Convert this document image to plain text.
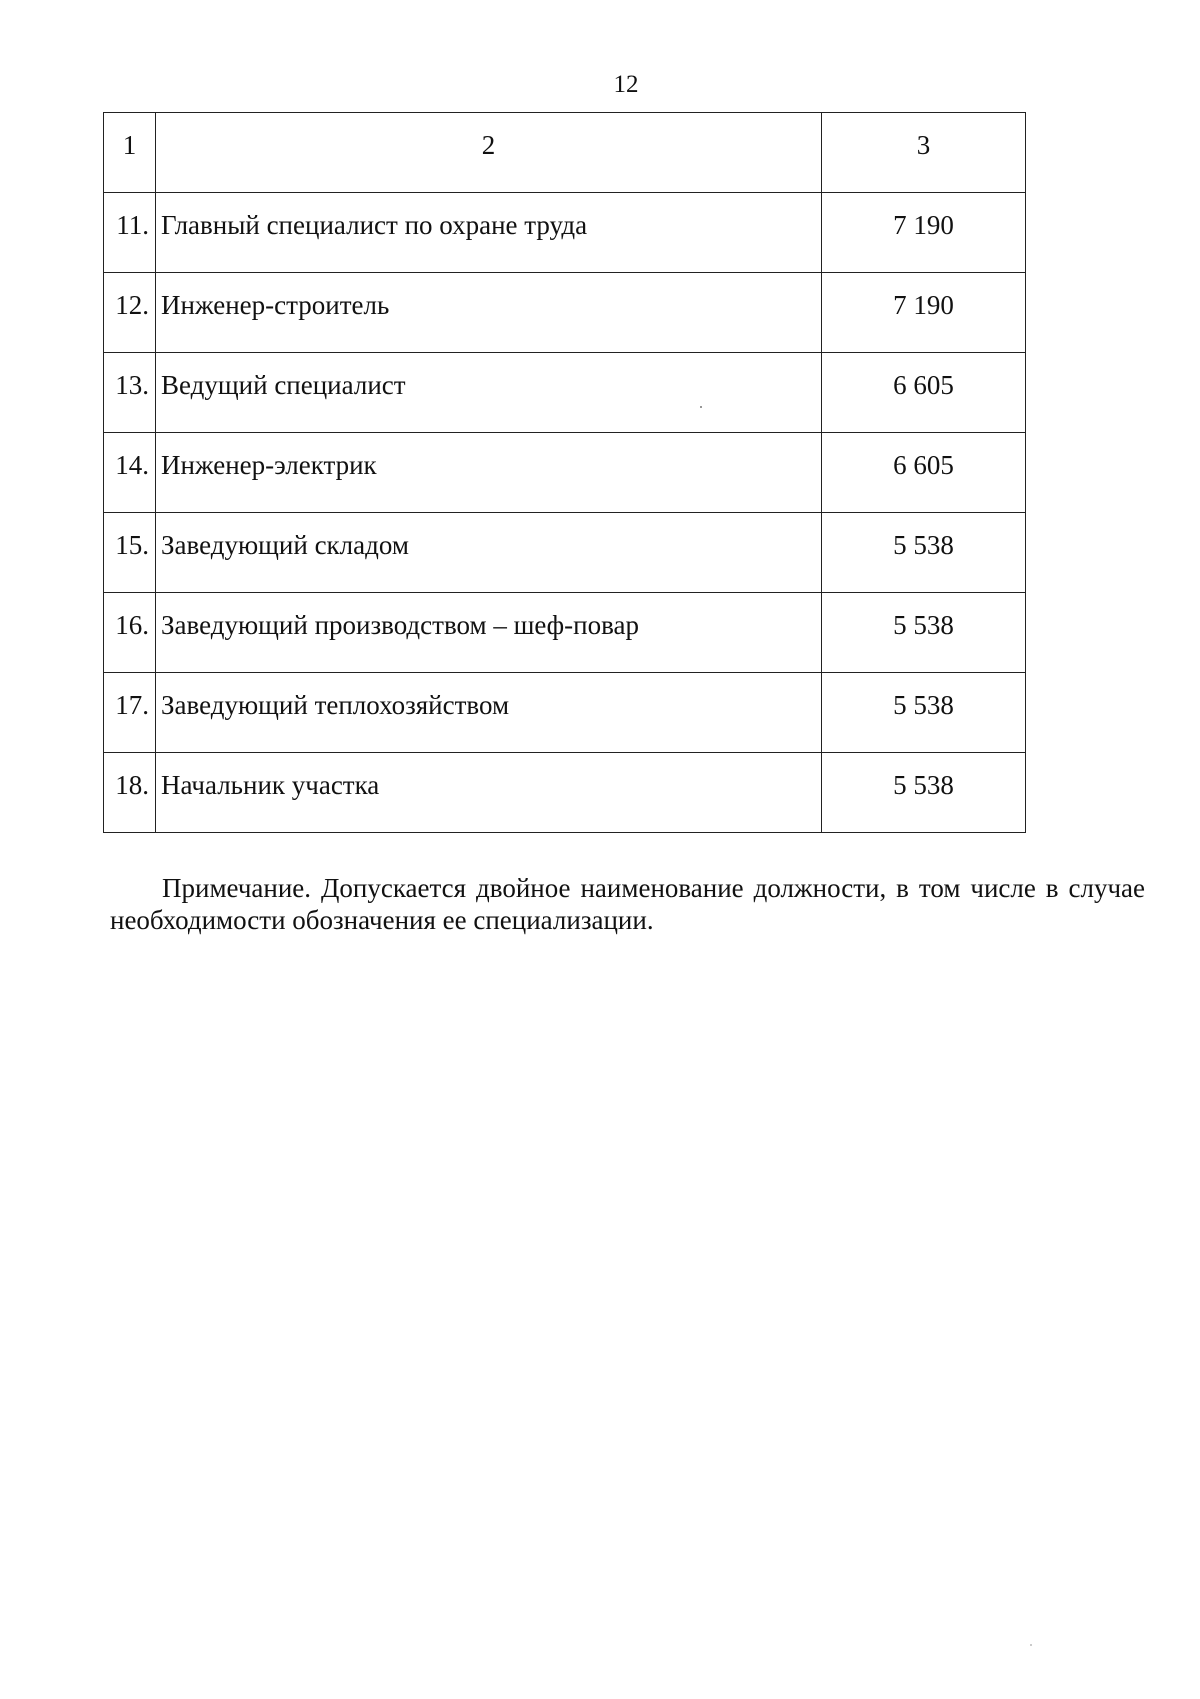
12
1	2	3

11.	Главный специалист по охране труда	7 190

12.	Инженер-строитель	7 190

13.	Ведущий специалист	6 605

14.	Инженер-электрик	6 605

15.	Заведующий складом	5 538

16.	Заведующий производством – шеф-повар	5 538

17.	Заведующий теплохозяйством	5 538

18.	Начальник участка	5 538

Примечание. Допускается двойное наименование должности, в том числе в случае необходимости обозначения ее специализации.
